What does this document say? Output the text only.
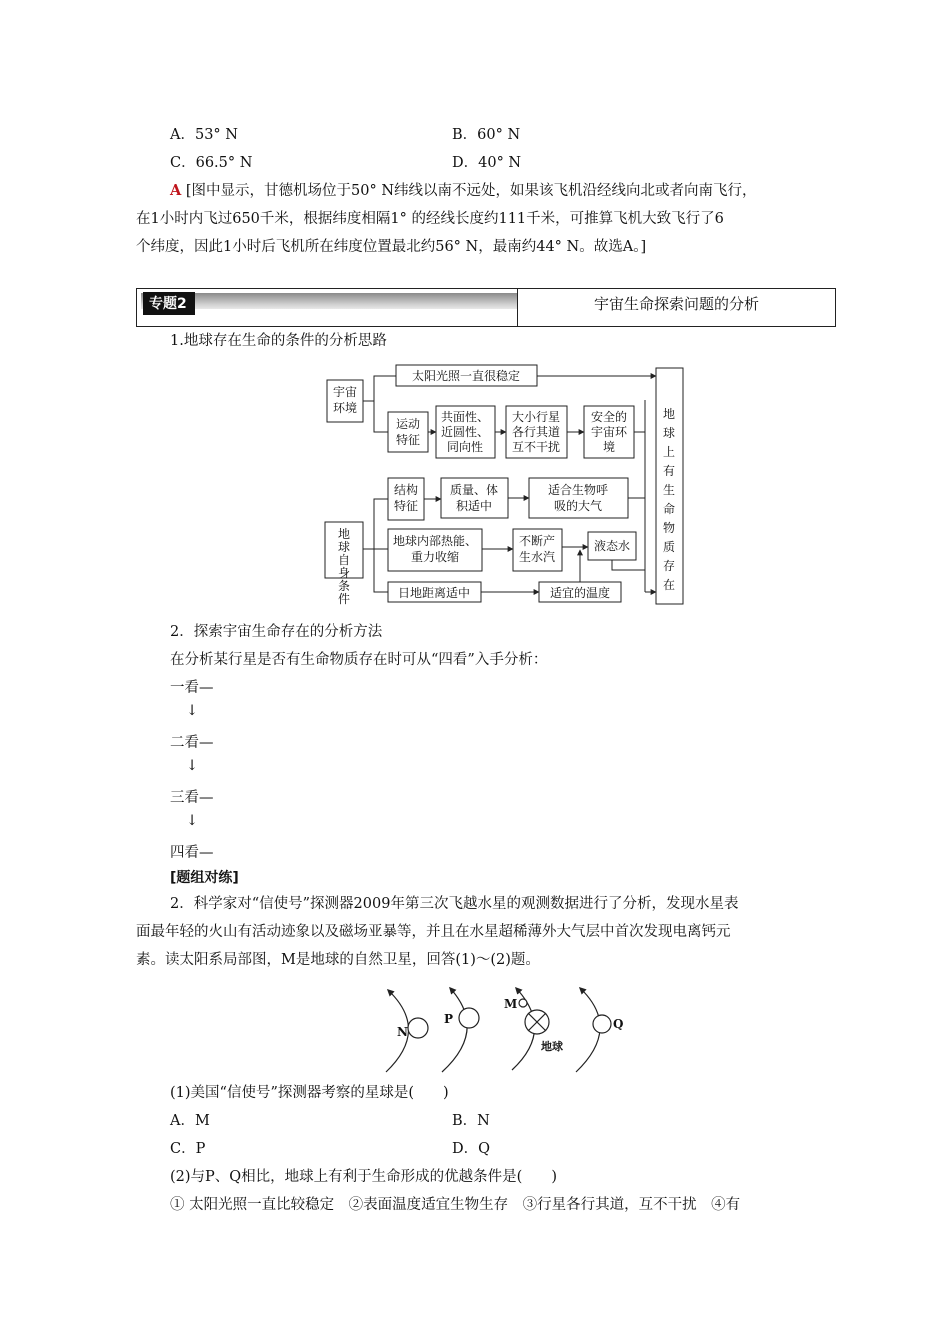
A．53° N	B．60° N
C．66.5° N	D．40° N
A [图中显示，甘德机场位于50° N纬线以南不远处，如果该飞机沿经线向北或者向南飞行，
在1小时内飞过650千米，根据纬度相隔1° 的经线长度约111千米，可推算飞机大致飞行了6
个纬度，因此1小时后飞机所在纬度位置最北约56° N，最南约44° N。故选A。]
专题2	宇宙生命探索问题的分析
1.地球存在生命的条件的分析思路
宇宙环境
太阳光照一直很稳定
运动特征
共面性、近圆性、同向性
大小行星各行其道互不干扰
安全的宇宙环境
地球上有生命物质存在
结构特征
质量、体积适中
适合生物呼吸的大气
地球自身条件
地球内部热能、重力收缩
不断产生水汽
液态水
日地距离适中	适宜的温度
2．探索宇宙生命存在的分析方法
在分析某行星是否有生命物质存在时可从“四看”入手分析：
一看—
↓
二看—
↓
三看—
↓
四看—
[题组对练]
2．科学家对“信使号”探测器2009年第三次飞越水星的观测数据进行了分析，发现水星表
面最年轻的火山有活动迹象以及磁场亚暴等，并且在水星超稀薄外大气层中首次发现电离钙元
素。读太阳系局部图，M是地球的自然卫星，回答(1)～(2)题。
N
P
M
Q
地球
(1)美国“信使号”探测器考察的星球是(　　)
A．M	B．N
C．P	D．Q
(2)与P、Q相比，地球上有利于生命形成的优越条件是(　　)
① 太阳光照一直比较稳定　②表面温度适宜生物生存　③行星各行其道，互不干扰　④有
